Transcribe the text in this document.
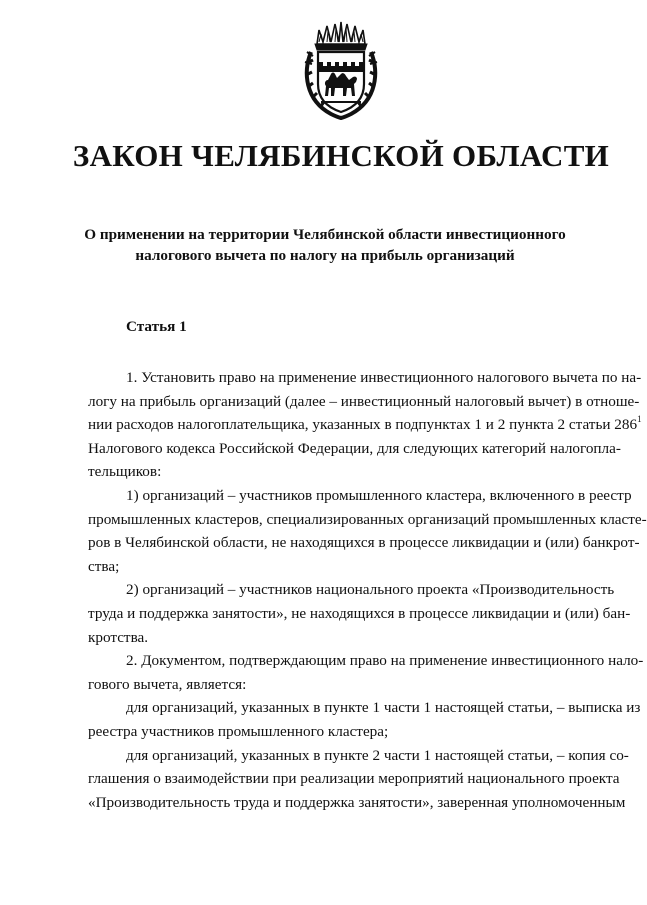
ЗАКОН ЧЕЛЯБИНСКОЙ ОБЛАСТИ
О применении на территории Челябинской области инвестиционного
налогового вычета по налогу на прибыль организаций
Статья 1
1. Установить право на применение инвестиционного налогового вычета по на-
логу на прибыль организаций (далее – инвестиционный налоговый вычет) в отноше-
нии расходов налогоплательщика, указанных в подпунктах 1 и 2 пункта 2 статьи $286^1$
Налогового кодекса Российской Федерации, для следующих категорий налогопла-
тельщиков:
1) организаций – участников промышленного кластера, включенного в реестр
промышленных кластеров, специализированных организаций промышленных класте-
ров в Челябинской области, не находящихся в процессе ликвидации и (или) банкрот-
ства;
2) организаций – участников национального проекта «Производительность
труда и поддержка занятости», не находящихся в процессе ликвидации и (или) бан-
кротства.
2. Документом, подтверждающим право на применение инвестиционного нало-
гового вычета, является:
для организаций, указанных в пункте 1 части 1 настоящей статьи, – выписка из
реестра участников промышленного кластера;
для организаций, указанных в пункте 2 части 1 настоящей статьи, – копия со-
глашения о взаимодействии при реализации мероприятий национального проекта
«Производительность труда и поддержка занятости», заверенная уполномоченным
